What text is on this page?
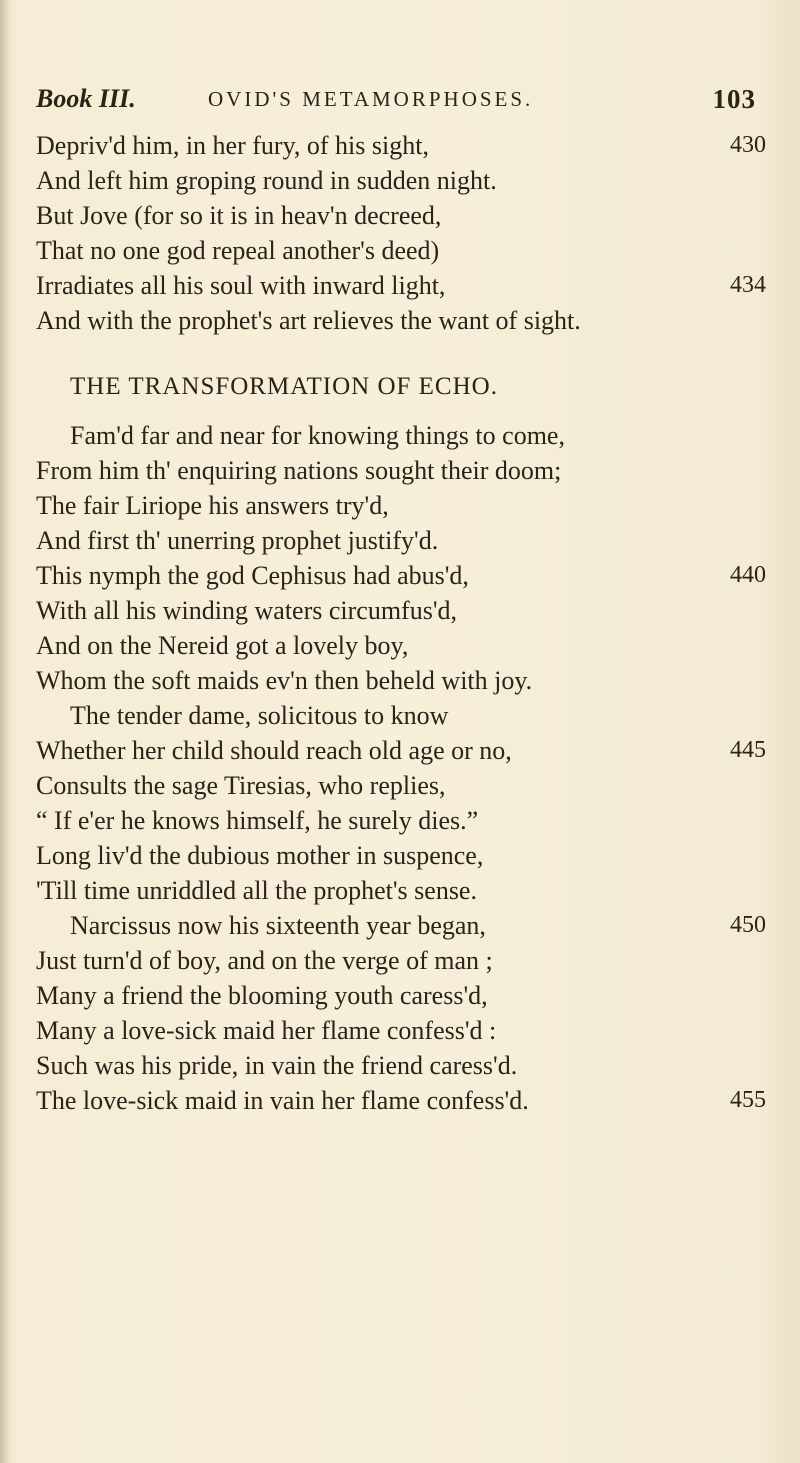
Book III.	OVID'S METAMORPHOSES.	103
Depriv'd him, in her fury, of his sight,	430
And left him groping round in sudden night.
But Jove (for so it is in heav'n decreed,
That no one god repeal another's deed)
Irradiates all his soul with inward light,	434
And with the prophet's art relieves the want of sight.
THE TRANSFORMATION OF ECHO.
Fam'd far and near for knowing things to come,
From him th' enquiring nations sought their doom;
The fair Liriope his answers try'd,
And first th' unerring prophet justify'd.
This nymph the god Cephisus had abus'd,	440
With all his winding waters circumfus'd,
And on the Nereid got a lovely boy,
Whom the soft maids ev'n then beheld with joy.
The tender dame, solicitous to know
Whether her child should reach old age or no,	445
Consults the sage Tiresias, who replies,
“ If e'er he knows himself, he surely dies.”
Long liv'd the dubious mother in suspence,
'Till time unriddled all the prophet's sense.
Narcissus now his sixteenth year began,	450
Just turn'd of boy, and on the verge of man ;
Many a friend the blooming youth caress'd,
Many a love-sick maid her flame confess'd :
Such was his pride, in vain the friend caress'd.
The love-sick maid in vain her flame confess'd.	455
